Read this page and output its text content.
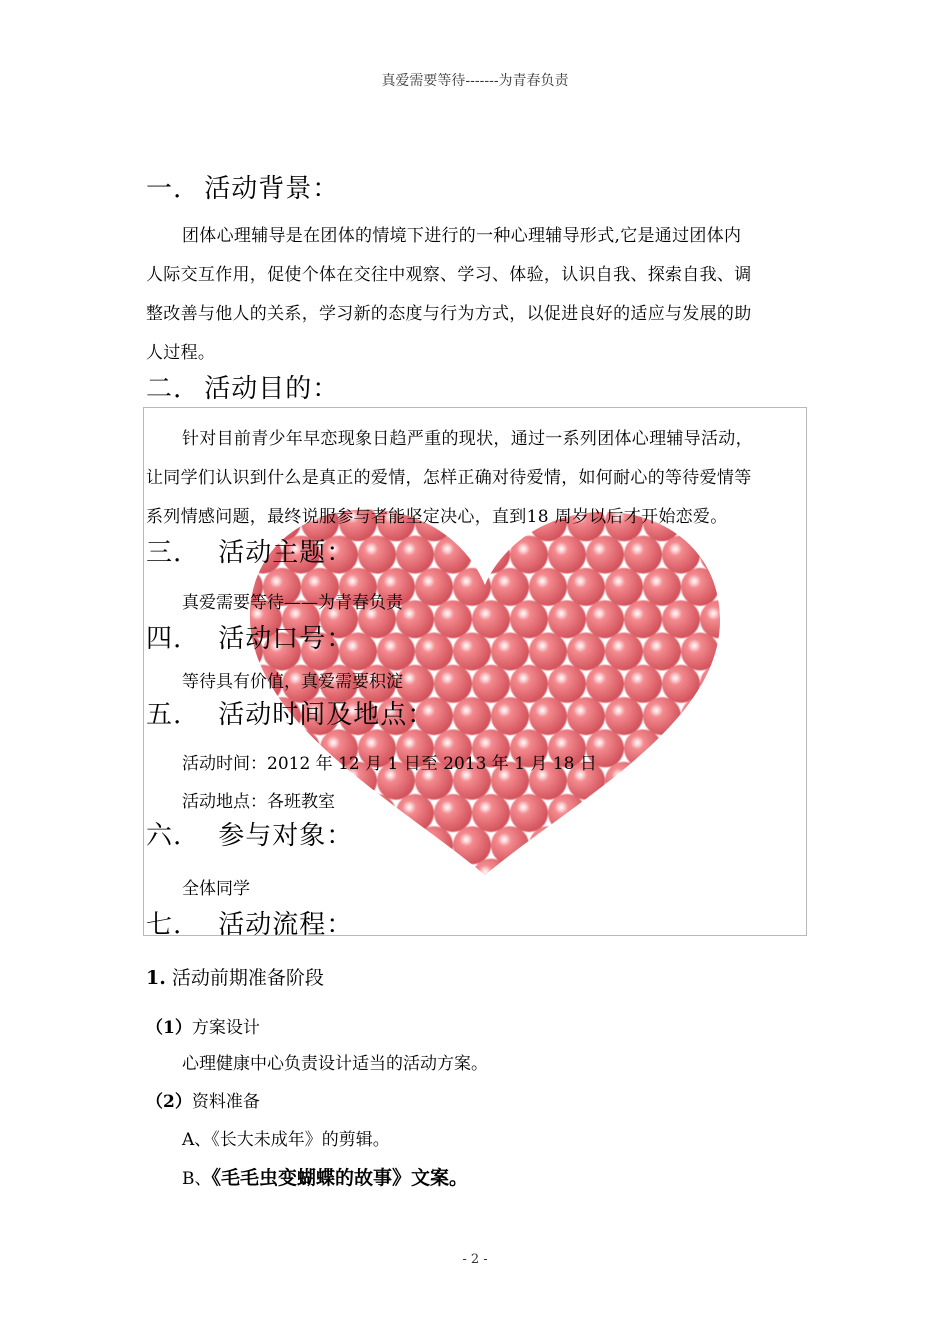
真爱需要等待-------为青春负责
一. 活动背景：
团体心理辅导是在团体的情境下进行的一种心理辅导形式,它是通过团体内
人际交互作用，促使个体在交往中观察、学习、体验，认识自我、探索自我、调
整改善与他人的关系，学习新的态度与行为方式，以促进良好的适应与发展的助
人过程。
二. 活动目的：
针对目前青少年早恋现象日趋严重的现状，通过一系列团体心理辅导活动，
让同学们认识到什么是真正的爱情，怎样正确对待爱情，如何耐心的等待爱情等
系列情感问题，最终说服参与者能坚定决心，直到18 周岁以后才开始恋爱。
三. 活动主题：
真爱需要等待——为青春负责
四. 活动口号：
等待具有价值，真爱需要积淀
五. 活动时间及地点：
活动时间：2012 年 12 月 1 日至 2013 年 1 月 18 日
活动地点：各班教室
六. 参与对象：
全体同学
七. 活动流程：
1. 活动前期准备阶段
（1）方案设计
心理健康中心负责设计适当的活动方案。
（2）资料准备
A、《长大未成年》的剪辑。
B、《毛毛虫变蝴蝶的故事》文案。
- 2 -
